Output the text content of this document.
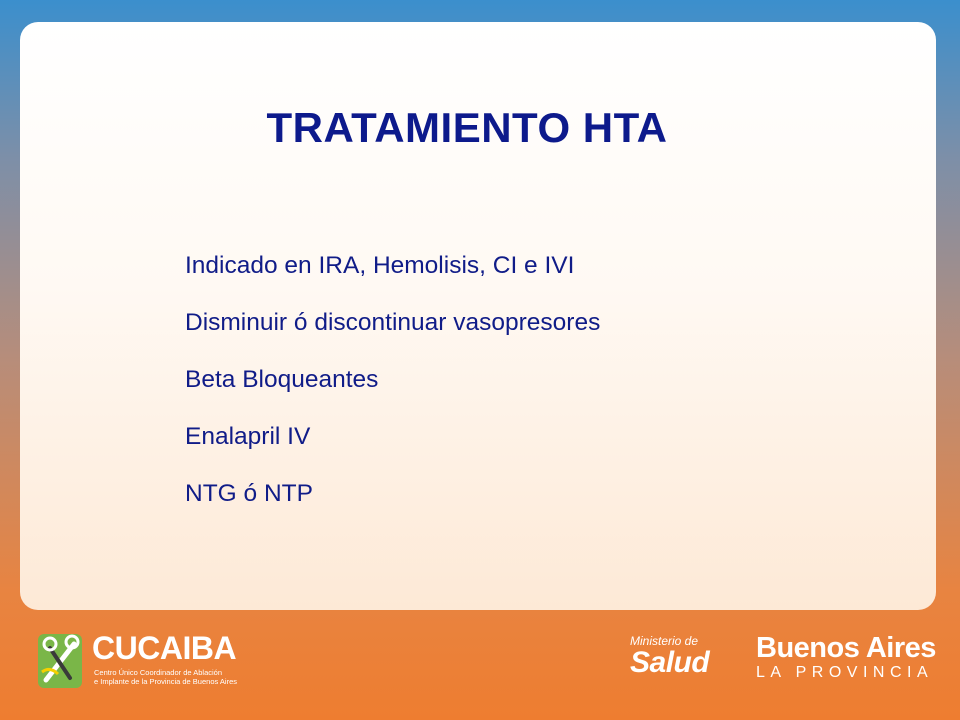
TRATAMIENTO HTA
Indicado en IRA, Hemolisis, CI e IVI
Disminuir ó discontinuar vasopresores
Beta Bloqueantes
Enalapril IV
NTG ó NTP
CUCAIBA
Centro Único Coordinador de Ablación
e Implante de la Provincia de Buenos Aires
Ministerio de
Salud	Buenos Aires
LA PROVINCIA
